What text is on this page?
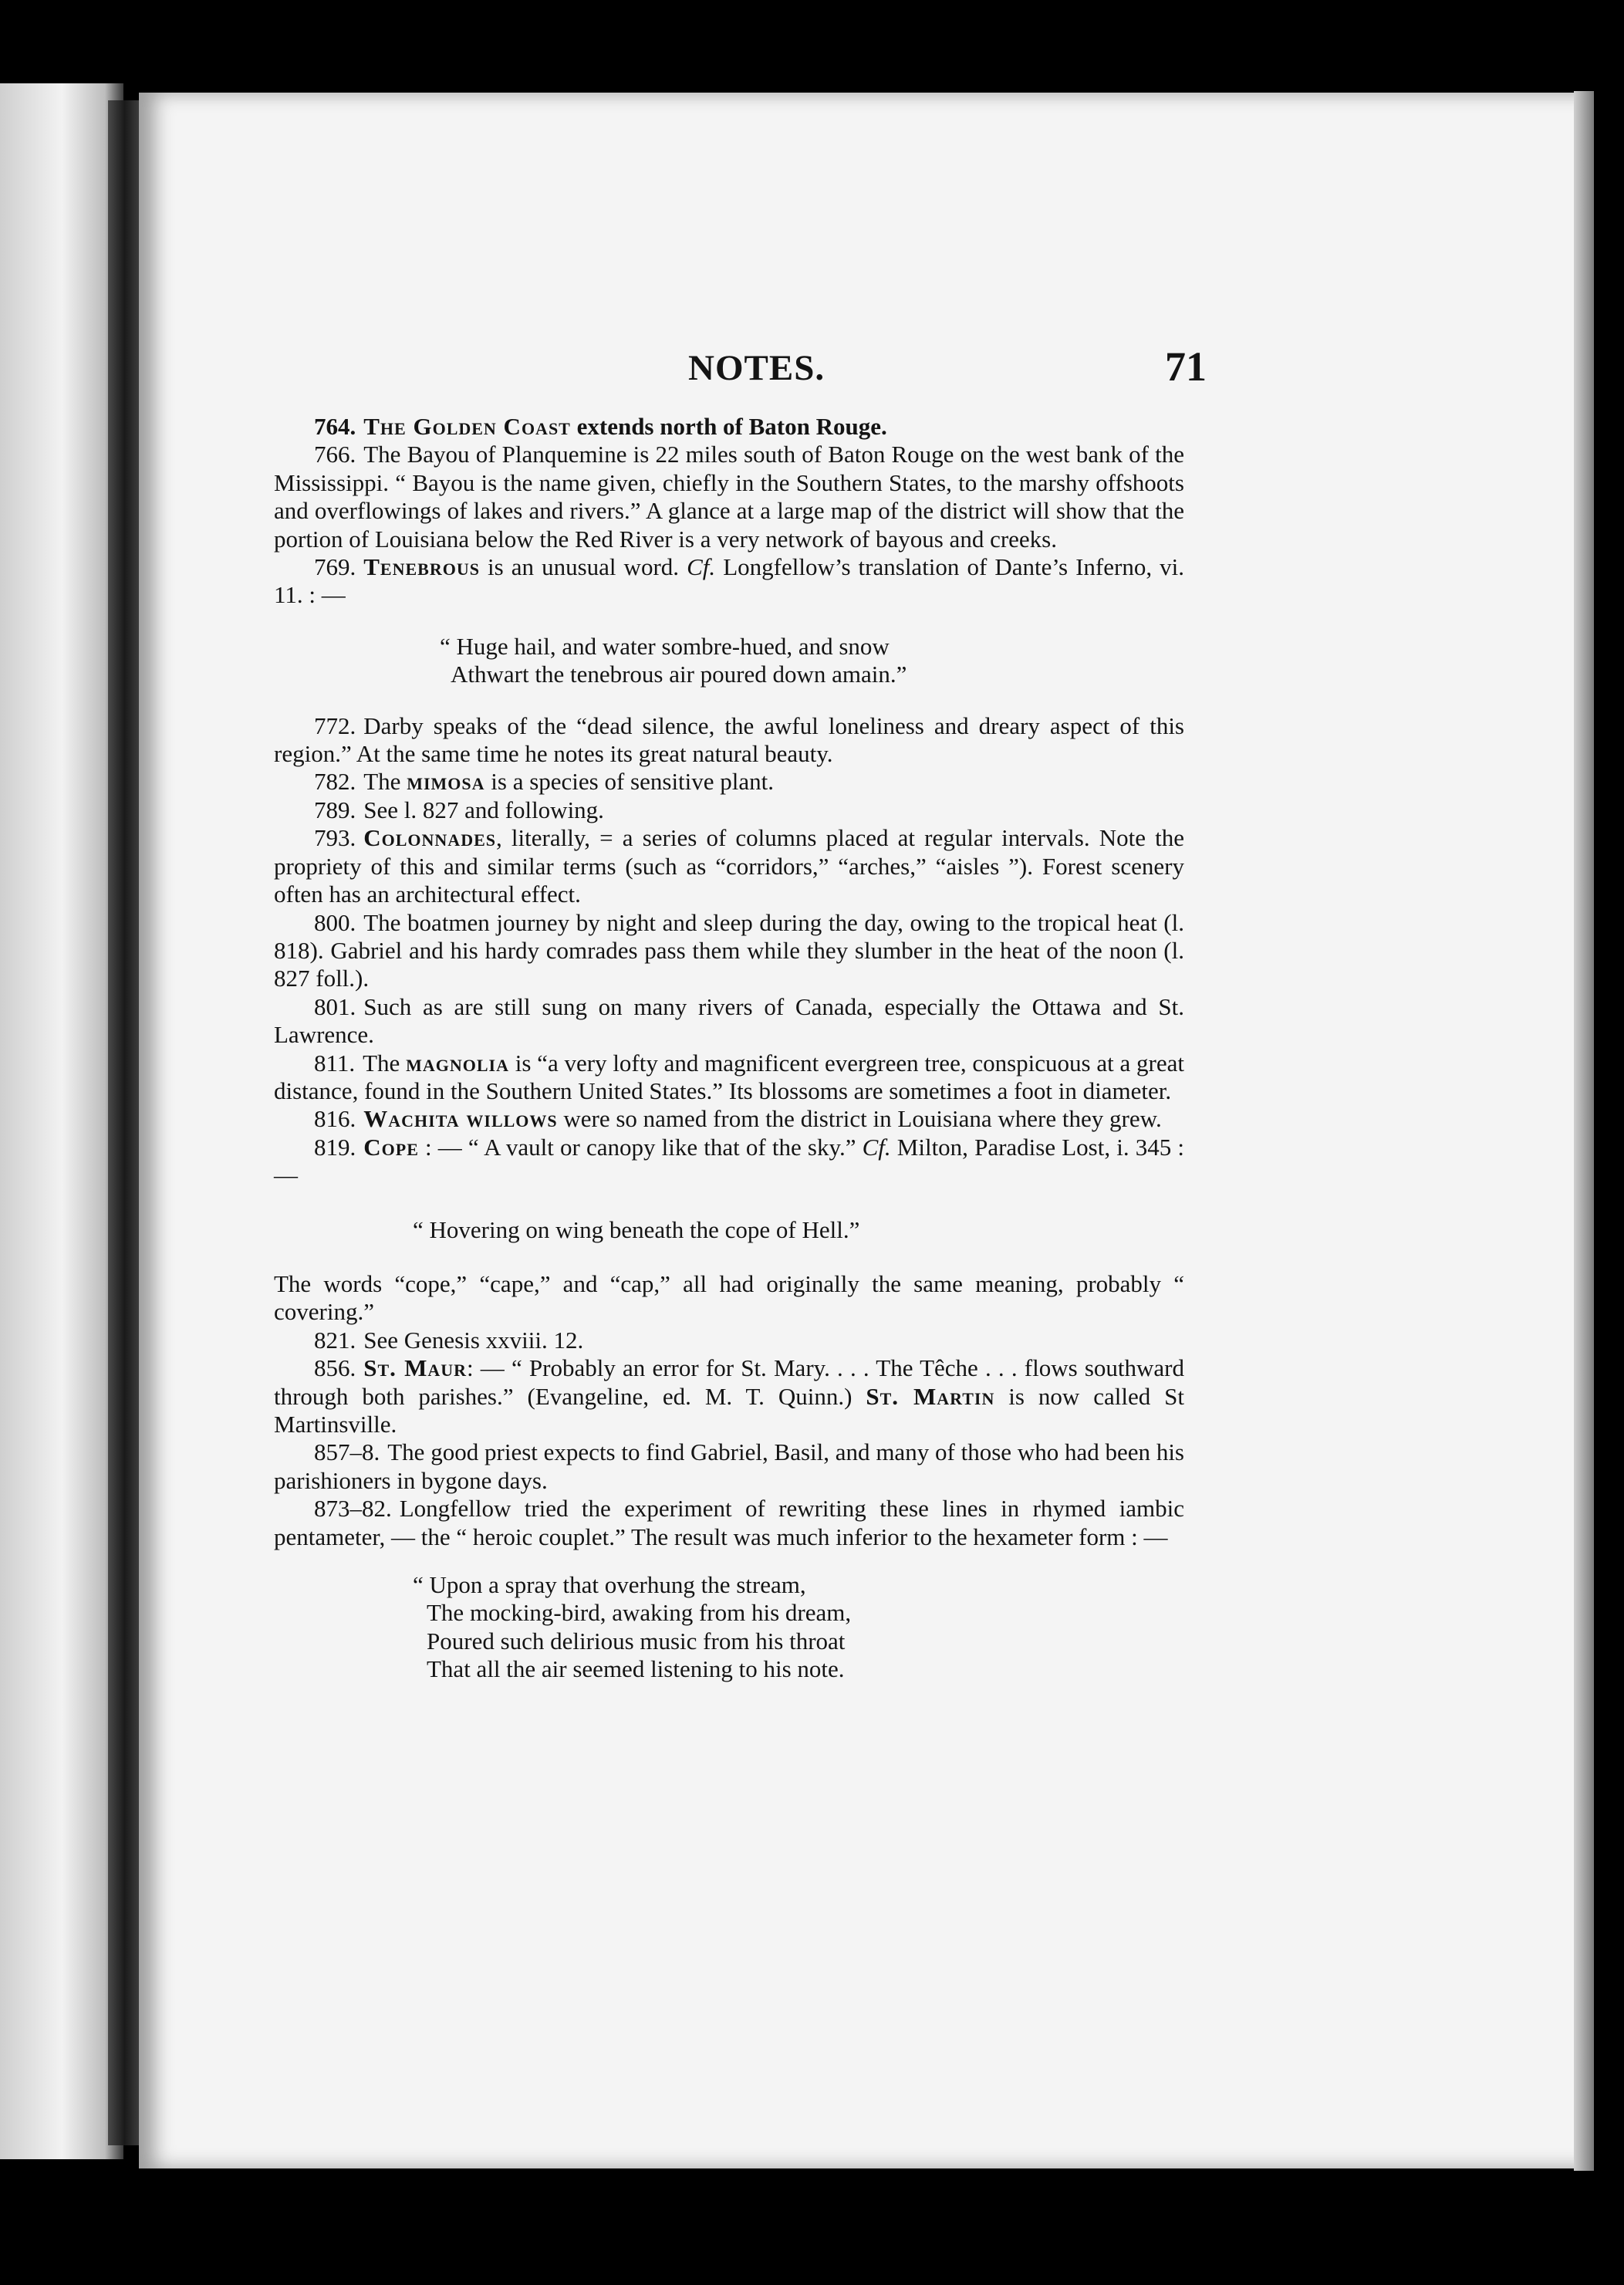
NOTES.	71

764. The Golden Coast extends north of Baton Rouge.

766. The Bayou of Planquemine is 22 miles south of Baton Rouge on the west bank of the Mississippi. “ Bayou is the name given, chiefly in the Southern States, to the marshy offshoots and overflowings of lakes and rivers.” A glance at a large map of the district will show that the portion of Louisiana below the Red River is a very network of bayous and creeks.

769. Tenebrous is an unusual word. Cf. Longfellow’s translation of Dante’s Inferno, vi. 11. : —

“ Huge hail, and water sombre-hued, and snow
Athwart the tenebrous air poured down amain.”

772. Darby speaks of the “dead silence, the awful loneliness and dreary aspect of this region.” At the same time he notes its great natural beauty.

782. The mimosa is a species of sensitive plant.

789. See l. 827 and following.

793. Colonnades, literally, = a series of columns placed at regular intervals. Note the propriety of this and similar terms (such as “corridors,” “arches,” “aisles ”). Forest scenery often has an architectural effect.

800. The boatmen journey by night and sleep during the day, owing to the tropical heat (l. 818). Gabriel and his hardy comrades pass them while they slumber in the heat of the noon (l. 827 foll.).

801. Such as are still sung on many rivers of Canada, especially the Ottawa and St. Lawrence.

811. The magnolia is “a very lofty and magnificent evergreen tree, conspicuous at a great distance, found in the Southern United States.” Its blossoms are sometimes a foot in diameter.

816. Wachita willows were so named from the district in Louisiana where they grew.

819. Cope : — “ A vault or canopy like that of the sky.” Cf. Milton, Paradise Lost, i. 345 : —

“ Hovering on wing beneath the cope of Hell.”

The words “cope,” “cape,” and “cap,” all had originally the same meaning, probably “ covering.”

821. See Genesis xxviii. 12.

856. St. Maur: — “ Probably an error for St. Mary. . . . The Têche . . . flows southward through both parishes.” (Evangeline, ed. M. T. Quinn.) St. Martin is now called St Martinsville.

857–8. The good priest expects to find Gabriel, Basil, and many of those who had been his parishioners in bygone days.

873–82. Longfellow tried the experiment of rewriting these lines in rhymed iambic pentameter, — the “ heroic couplet.” The result was much inferior to the hexameter form : —

“ Upon a spray that overhung the stream,
The mocking-bird, awaking from his dream,
Poured such delirious music from his throat
That all the air seemed listening to his note.
